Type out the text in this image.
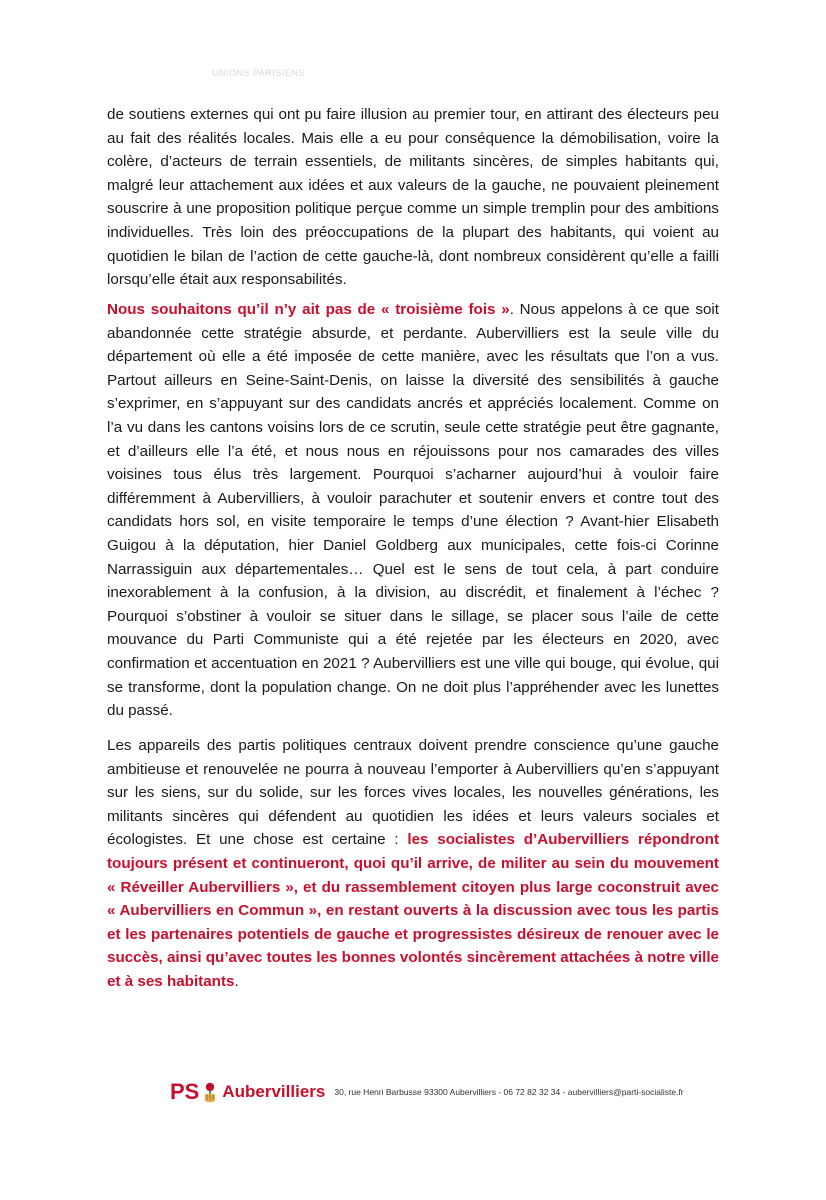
UNIONS PARISIENS

de soutiens externes qui ont pu faire illusion au premier tour, en attirant des électeurs peu au fait des réalités locales. Mais elle a eu pour conséquence la démobilisation, voire la colère, d’acteurs de terrain essentiels, de militants sincères, de simples habitants qui, malgré leur attachement aux idées et aux valeurs de la gauche, ne pouvaient pleinement souscrire à une proposition politique perçue comme un simple tremplin pour des ambitions individuelles. Très loin des préoccupations de la plupart des habitants, qui voient au quotidien le bilan de l’action de cette gauche-là, dont nombreux considèrent qu’elle a failli lorsqu’elle était aux responsabilités.

Nous souhaitons qu’il n’y ait pas de « troisième fois ». Nous appelons à ce que soit abandonnée cette stratégie absurde, et perdante. Aubervilliers est la seule ville du département où elle a été imposée de cette manière, avec les résultats que l’on a vus. Partout ailleurs en Seine-Saint-Denis, on laisse la diversité des sensibilités à gauche s’exprimer, en s’appuyant sur des candidats ancrés et appréciés localement. Comme on l’a vu dans les cantons voisins lors de ce scrutin, seule cette stratégie peut être gagnante, et d’ailleurs elle l’a été, et nous nous en réjouissons pour nos camarades des villes voisines tous élus très largement. Pourquoi s’acharner aujourd’hui à vouloir faire différemment à Aubervilliers, à vouloir parachuter et soutenir envers et contre tout des candidats hors sol, en visite temporaire le temps d’une élection ? Avant-hier Elisabeth Guigou à la députation, hier Daniel Goldberg aux municipales, cette fois-ci Corinne Narrassiguin aux départementales… Quel est le sens de tout cela, à part conduire inexorablement à la confusion, à la division, au discrédit, et finalement à l’échec ? Pourquoi s’obstiner à vouloir se situer dans le sillage, se placer sous l’aile de cette mouvance du Parti Communiste qui a été rejetée par les électeurs en 2020, avec confirmation et accentuation en 2021 ? Aubervilliers est une ville qui bouge, qui évolue, qui se transforme, dont la population change. On ne doit plus l’appréhender avec les lunettes du passé.

Les appareils des partis politiques centraux doivent prendre conscience qu’une gauche ambitieuse et renouvelée ne pourra à nouveau l’emporter à Aubervilliers qu’en s’appuyant sur les siens, sur du solide, sur les forces vives locales, les nouvelles générations, les militants sincères qui défendent au quotidien les idées et leurs valeurs sociales et écologistes. Et une chose est certaine : les socialistes d’Aubervilliers répondront toujours présent et continueront, quoi qu’il arrive, de militer au sein du mouvement « Réveiller Aubervilliers », et du rassemblement citoyen plus large coconstruit avec « Aubervilliers en Commun », en restant ouverts à la discussion avec tous les partis et les partenaires potentiels de gauche et progressistes désireux de renouer avec le succès, ainsi qu’avec toutes les bonnes volontés sincèrement attachées à notre ville et à ses habitants.

PS Aubervilliers 30, rue Henri Barbusse 93300 Aubervilliers - 06 72 82 32 34 - aubervilliers@parti-socialiste.fr
